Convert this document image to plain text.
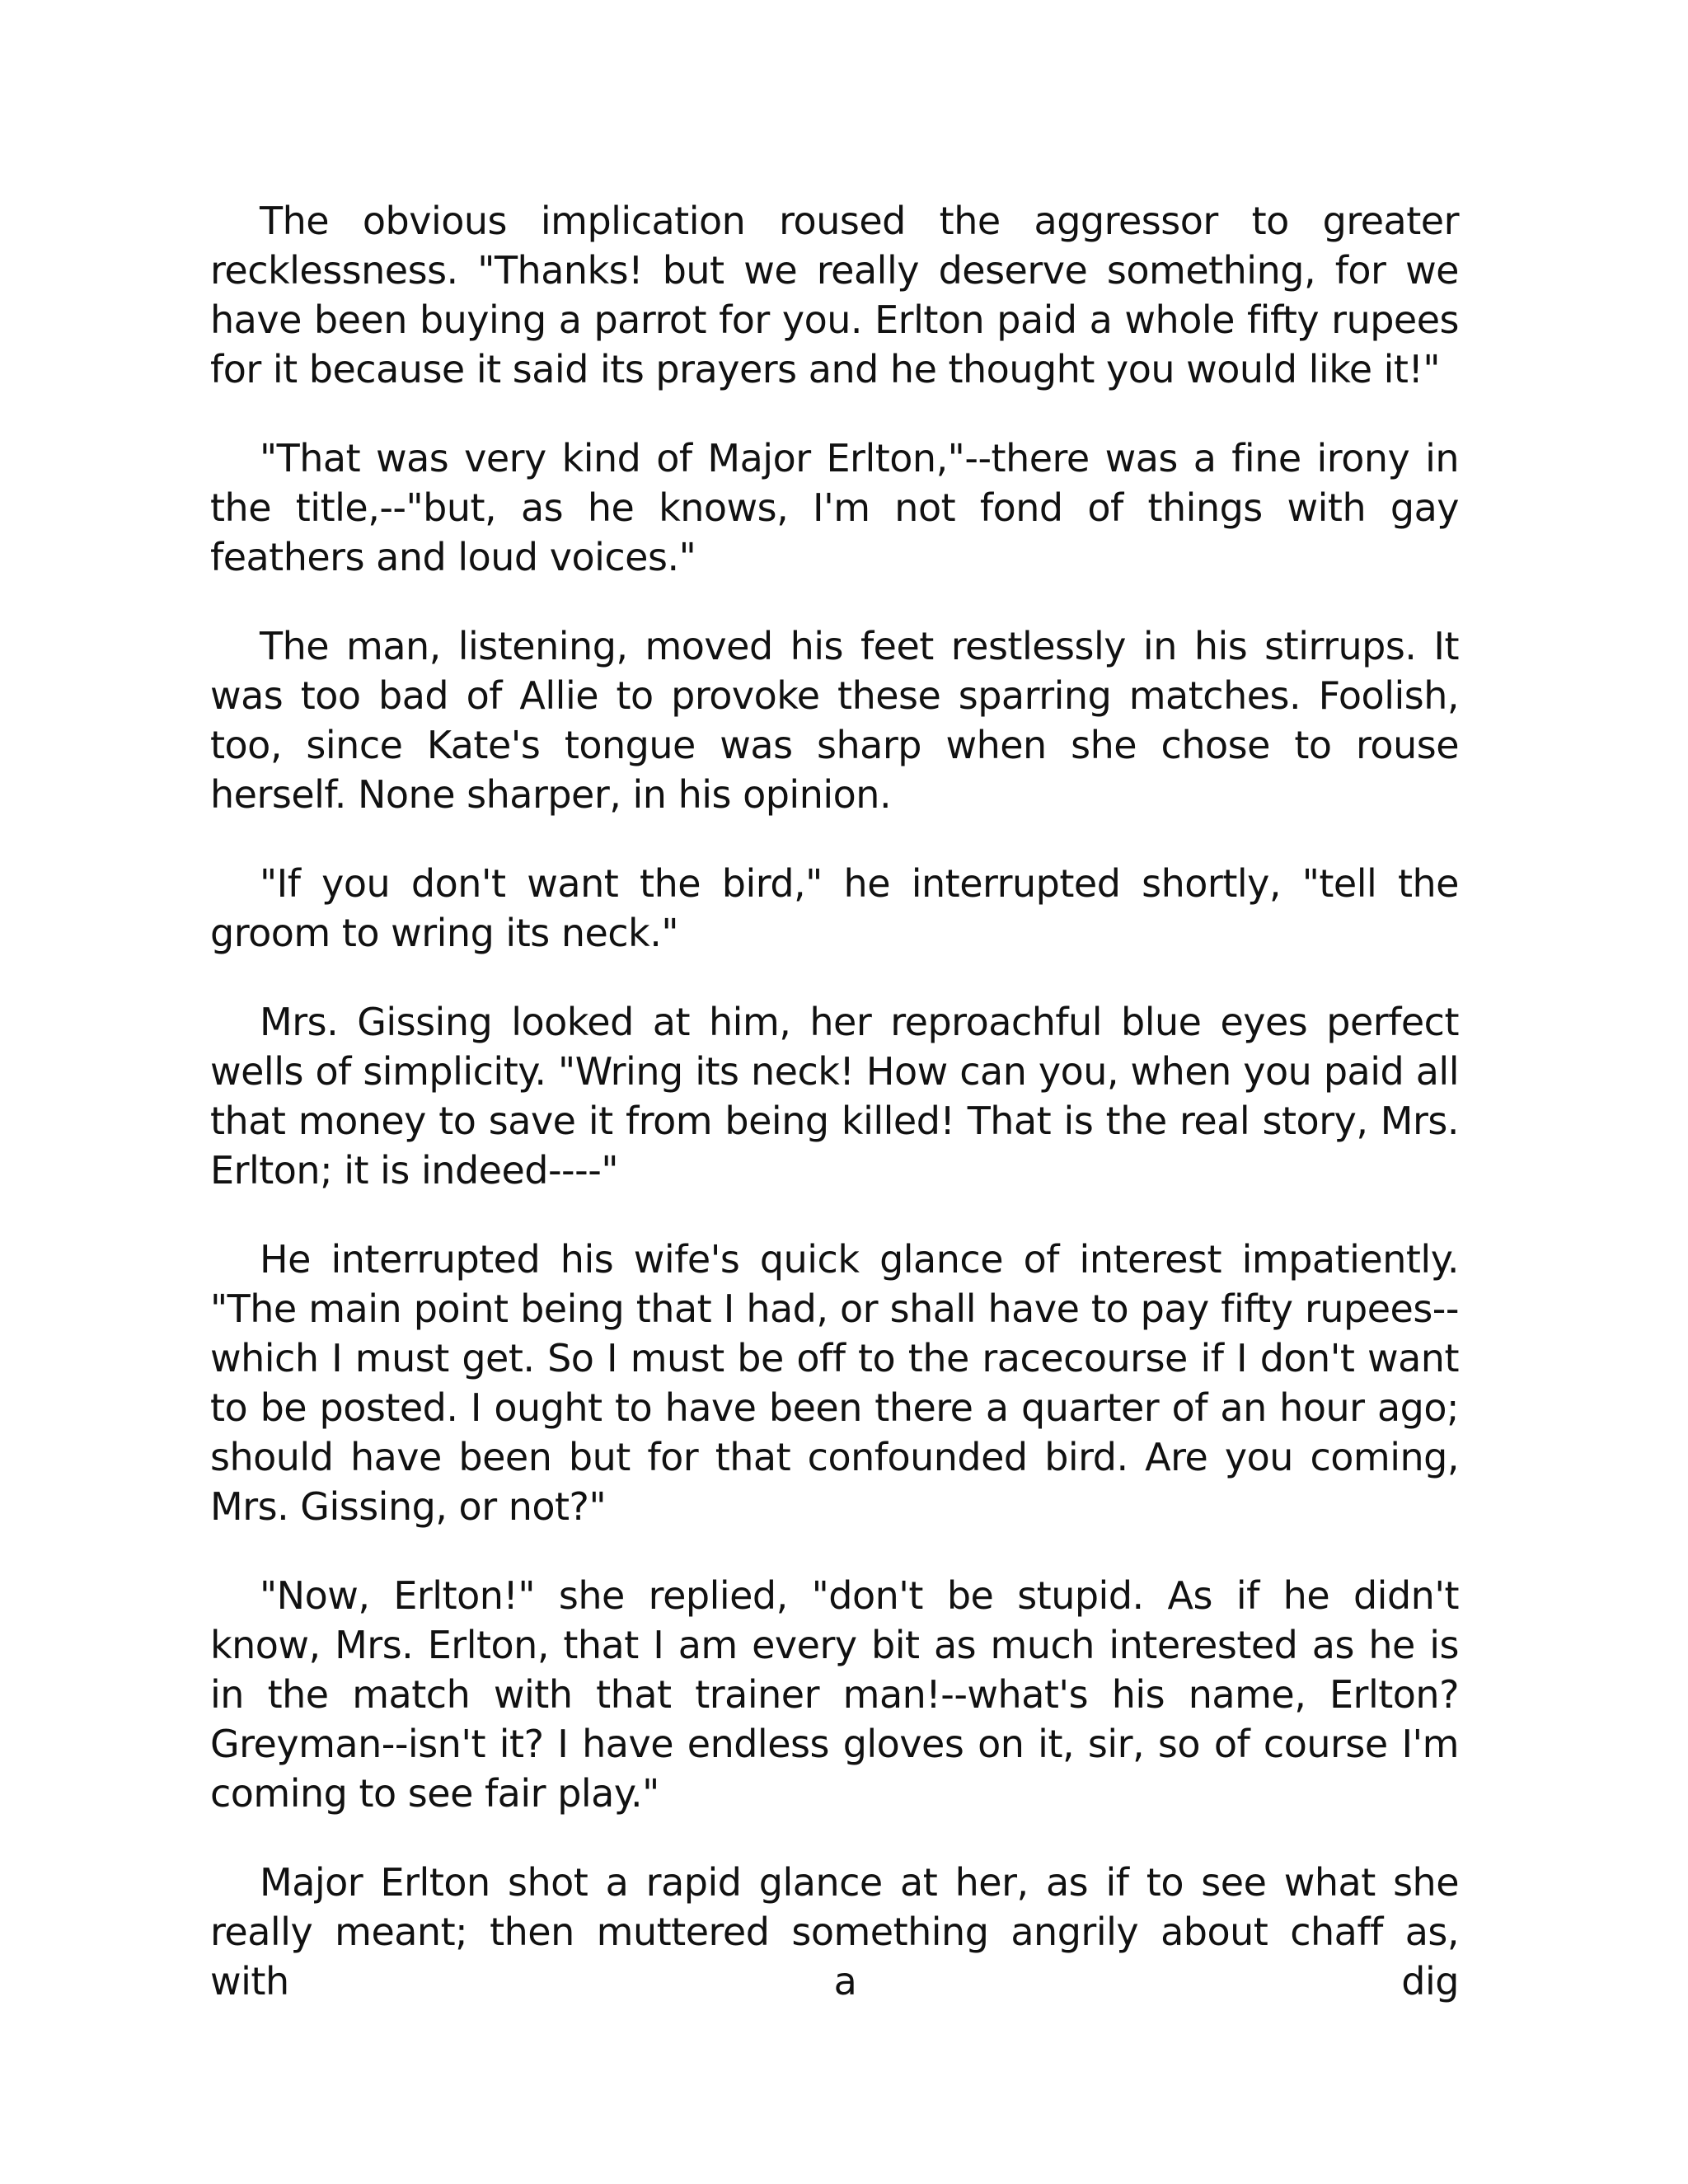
The obvious implication roused the aggressor to greater recklessness. "Thanks! but we really deserve something, for we have been buying a parrot for you. Erlton paid a whole fifty rupees for it because it said its prayers and he thought you would like it!"

"That was very kind of Major Erlton,"--there was a fine irony in the title,--"but, as he knows, I'm not fond of things with gay feathers and loud voices."

The man, listening, moved his feet restlessly in his stirrups. It was too bad of Allie to provoke these sparring matches. Foolish, too, since Kate's tongue was sharp when she chose to rouse herself. None sharper, in his opinion.

"If you don't want the bird," he interrupted shortly, "tell the groom to wring its neck."

Mrs. Gissing looked at him, her reproachful blue eyes perfect wells of simplicity. "Wring its neck! How can you, when you paid all that money to save it from being killed! That is the real story, Mrs. Erlton; it is indeed----"

He interrupted his wife's quick glance of interest impatiently. "The main point being that I had, or shall have to pay fifty rupees--which I must get. So I must be off to the racecourse if I don't want to be posted. I ought to have been there a quarter of an hour ago; should have been but for that confounded bird. Are you coming, Mrs. Gissing, or not?"

"Now, Erlton!" she replied, "don't be stupid. As if he didn't know, Mrs. Erlton, that I am every bit as much interested as he is in the match with that trainer man!--what's his name, Erlton? Greyman--isn't it? I have endless gloves on it, sir, so of course I'm coming to see fair play."

Major Erlton shot a rapid glance at her, as if to see what she really meant; then muttered something angrily about chaff as, with a dig
